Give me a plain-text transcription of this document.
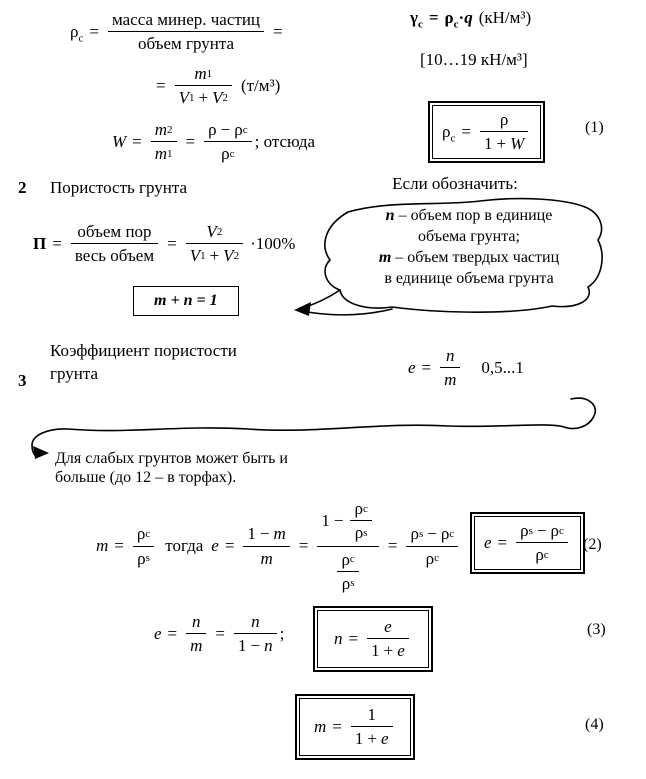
$\rho_c = \frac{\text{масса минер. частиц}}{\text{объем грунта}}$ =
= $\frac{m 1}{V 1 + V 2} (т/м^3)$
$W = \frac{m 2}{m 1} = \frac{\text{ρ − ρ c}}{\text{ρ c}}$ ; отсюда
$\gamma_c = \rho_c \cdot q$ (кН/м³)
[10…19 кН/м³]
$\rho_c = \frac{\rho}{1 + W}$	(1)
2 Пористость грунта
$П = \frac{\text{объем пор}}{\text{весь объем}} = \frac{V 2}{V 1 + V 2} \cdot 100\%$
m + n = 1
Если обозначить:
n – объем пор в единице
объема грунта;
m – объем твердых частиц
в единице объема грунта
3
Коэффициент пористости
грунта	$e = \frac{n}{m} 0,5...1$
Для слабых грунтов может быть и
больше (до 12 – в торфах).
$m = \frac{\text{ρ c}}{\text{ρ s}}$ тогда $e = \frac{1 - m}{m} = \frac{1 - \frac{\text{ρ c}}{\text{ρ s}}}{\frac{\text{ρ c}}{\text{ρ s}}} = \frac{\text{ρ s − ρ c}}{\text{ρ c}}$ $e = \frac{\text{ρ s − ρ c}}{\text{ρ c}} (2)$
$e = \frac{n}{m} = \frac{n}{1 - n}$ ;	$n = \frac{e}{1 + e}$	(3)
$m = \frac{1}{1 + e}$	(4)
